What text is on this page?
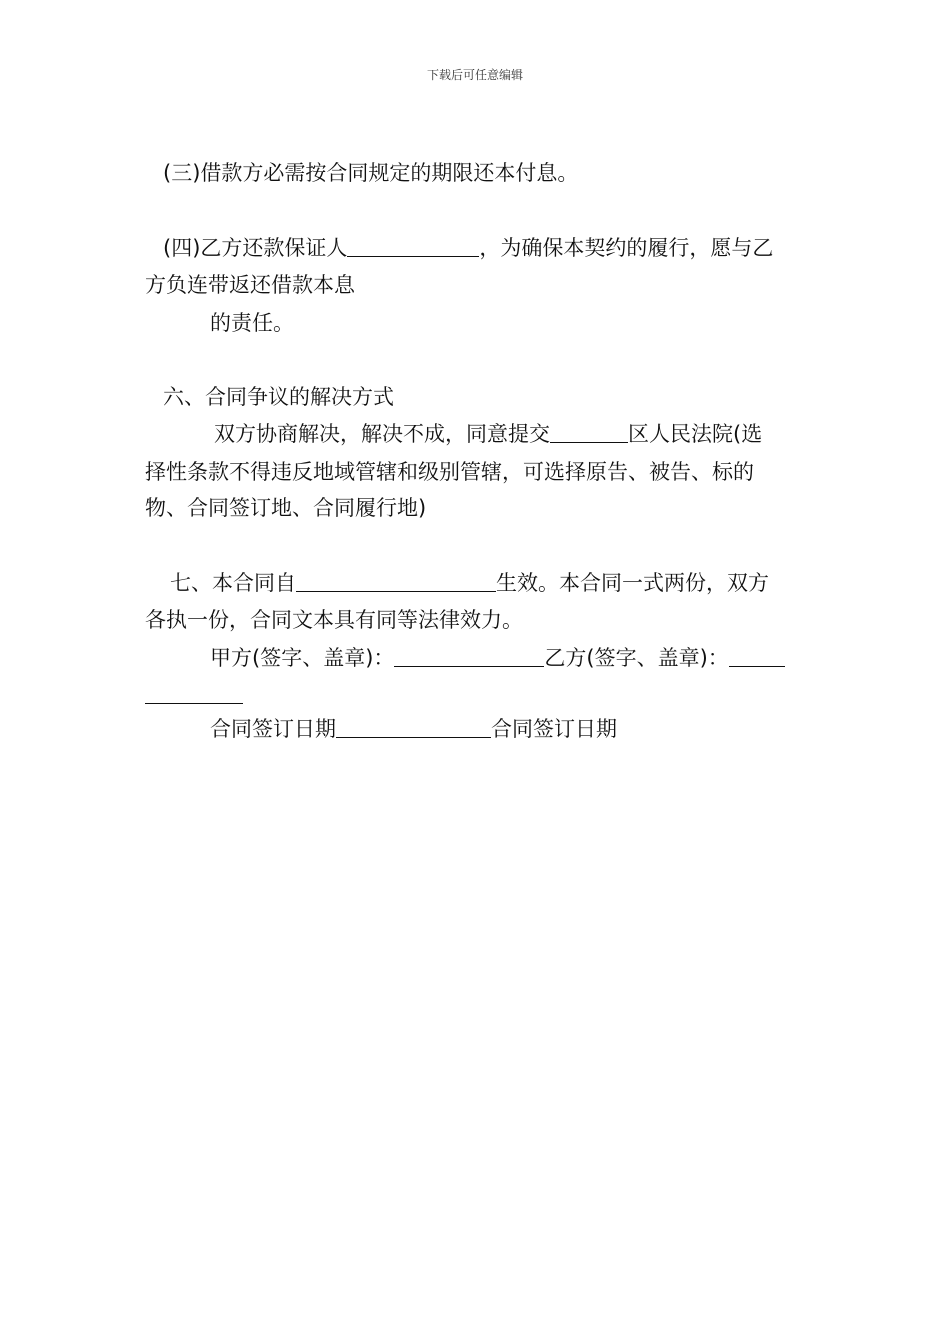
下载后可任意编辑
(三)借款方必需按合同规定的期限还本付息。
(四)乙方还款保证人	，为确保本契约的履行，愿与乙
方负连带返还借款本息
的责任。
六、合同争议的解决方式
双方协商解决，解决不成，同意提交	区人民法院(选
择性条款不得违反地域管辖和级别管辖，可选择原告、被告、标的
物、合同签订地、合同履行地)
七、本合同自	生效。本合同一式两份，双方
各执一份，合同文本具有同等法律效力。
甲方(签字、盖章)：	乙方(签字、盖章)：
合同签订日期	合同签订日期
